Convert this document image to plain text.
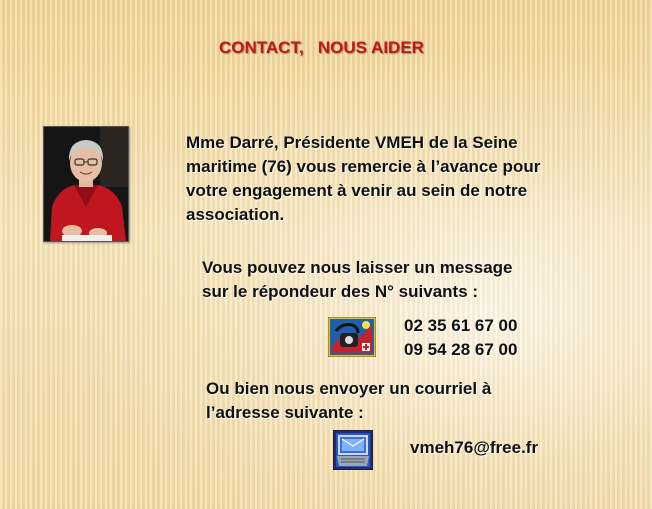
CONTACT,   NOUS AIDER

Mme Darré, Présidente VMEH de la Seine
maritime (76) vous remercie à l’avance pour
votre engagement à venir au sein de notre
association.

Vous pouvez nous laisser un message
sur le répondeur des N° suivants :

02 35 61 67 00
09 54 28 67 00

Ou bien nous envoyer un courriel à
l’adresse suivante :

vmeh76@free.fr
